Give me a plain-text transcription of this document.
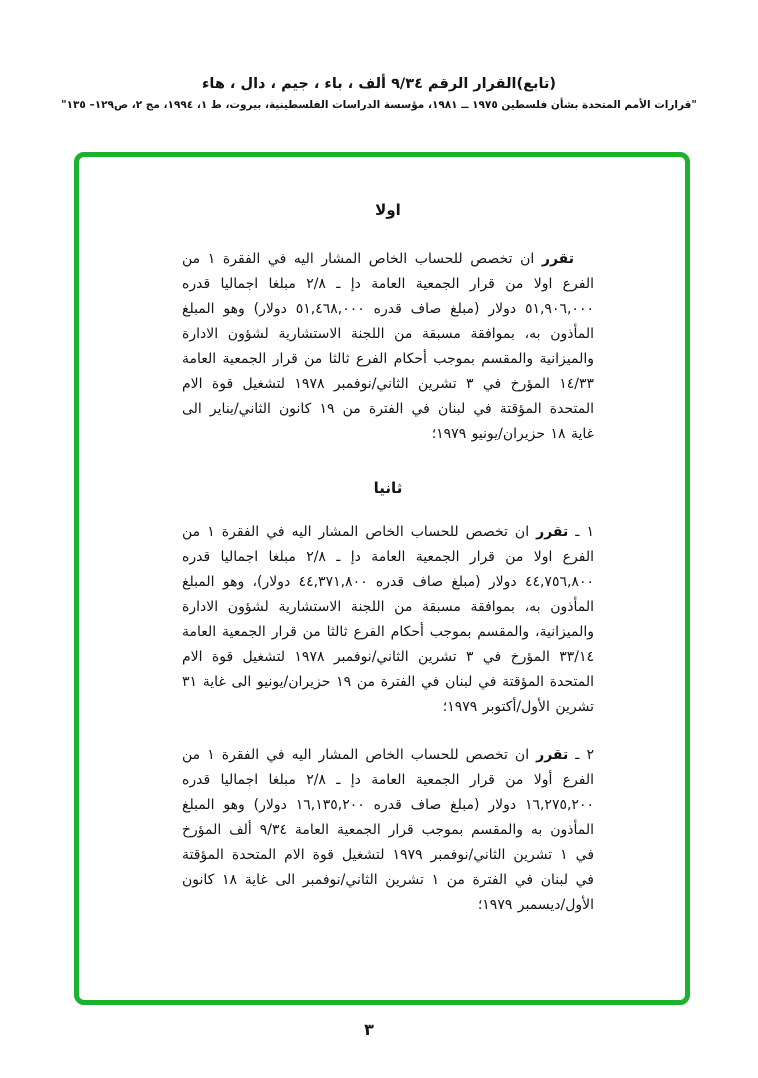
(تابع)القرار الرقم ٩/٣٤ ألف ، باء ، جيم ، دال ، هاء
"قرارات الأمم المتحدة بشأن فلسطين ١٩٧٥ ــ ١٩٨١، مؤسسة الدراسات الفلسطينية، بيروت، ط ١، ١٩٩٤، مج ٢، ص١٢٩– ١٣٥"
اولا

تقرر ان تخصص للحساب الخاص المشار اليه في الفقرة ١ من الفرع اولا من قرار الجمعية العامة دإ ـ ٢/٨ مبلغا اجماليا قدره ٥١,٩٠٦,٠٠٠ دولار (مبلغ صاف قدره ٥١,٤٦٨,٠٠٠ دولار) وهو المبلغ المأذون به، بموافقة مسبقة من اللجنة الاستشارية لشؤون الادارة والميزانية والمقسم بموجب أحكام الفرع ثالثا من قرار الجمعية العامة ١٤/٣٣ المؤرخ في ٣ تشرين الثاني/نوفمبر ١٩٧٨ لتشغيل قوة الام المتحدة المؤقتة في لبنان في الفترة من ١٩ كانون الثاني/يناير الى غاية ١٨ حزيران/يونيو ١٩٧٩؛

ثانيا

١ ـ تقرر ان تخصص للحساب الخاص المشار اليه في الفقرة ١ من الفرع اولا من قرار الجمعية العامة دإ ـ ٢/٨ مبلغا اجماليا قدره ٤٤,٧٥٦,٨٠٠ دولار (مبلغ صاف قدره ٤٤,٣٧١,٨٠٠ دولار)، وهو المبلغ المأذون به، بموافقة مسبقة من اللجنة الاستشارية لشؤون الادارة والميزانية، والمقسم بموجب أحكام الفرع ثالثا من قرار الجمعية العامة ٣٣/١٤ المؤرخ في ٣ تشرين الثاني/نوفمبر ١٩٧٨ لتشغيل قوة الام المتحدة المؤقتة في لبنان في الفترة من ١٩ حزيران/يونيو الى غاية ٣١ تشرين الأول/أكتوبر ١٩٧٩؛

٢ ـ تقرر ان تخصص للحساب الخاص المشار اليه في الفقرة ١ من الفرع أولا من قرار الجمعية العامة دإ ـ ٢/٨ مبلغا اجماليا قدره ١٦,٢٧٥,٢٠٠ دولار (مبلغ صاف قدره ١٦,١٣٥,٢٠٠ دولار) وهو المبلغ المأذون به والمقسم بموجب قرار الجمعية العامة ٩/٣٤ ألف المؤرخ في ١ تشرين الثاني/نوفمبر ١٩٧٩ لتشغيل قوة الام المتحدة المؤقتة في لبنان في الفترة من ١ تشرين الثاني/نوفمبر الى غاية ١٨ كانون الأول/ديسمبر ١٩٧٩؛

٣
